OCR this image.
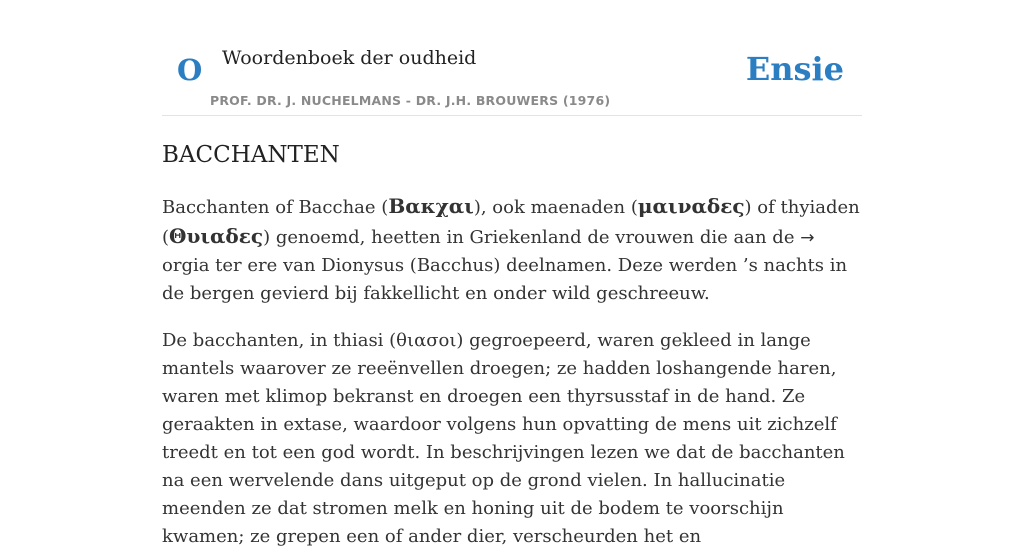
O Woordenboek der oudheid
PROF. DR. J. NUCHELMANS - DR. J.H. BROUWERS (1976)
Ensie
BACCHANTEN

Bacchanten of Bacchae (Βακχαι), ook maenaden (μαιναδες) of thyiaden (Θυιαδες) genoemd, heetten in Griekenland de vrouwen die aan de → orgia ter ere van Dionysus (Bacchus) deelnamen. Deze werden ’s nachts in de bergen gevierd bij fakkellicht en onder wild geschreeuw.

De bacchanten, in thiasi (θιασοι) gegroepeerd, waren gekleed in lange mantels waarover ze reeënvellen droegen; ze hadden loshangende haren, waren met klimop bekranst en droegen een thyrsusstaf in de hand. Ze geraakten in extase, waardoor volgens hun opvatting de mens uit zichzelf treedt en tot een god wordt. In beschrijvingen lezen we dat de bacchanten na een wervelende dans uitgeput op de grond vielen. In hallucinatie meenden ze dat stromen melk en honing uit de bodem te voorschijn kwamen; ze grepen een of ander dier, verscheurden het en
